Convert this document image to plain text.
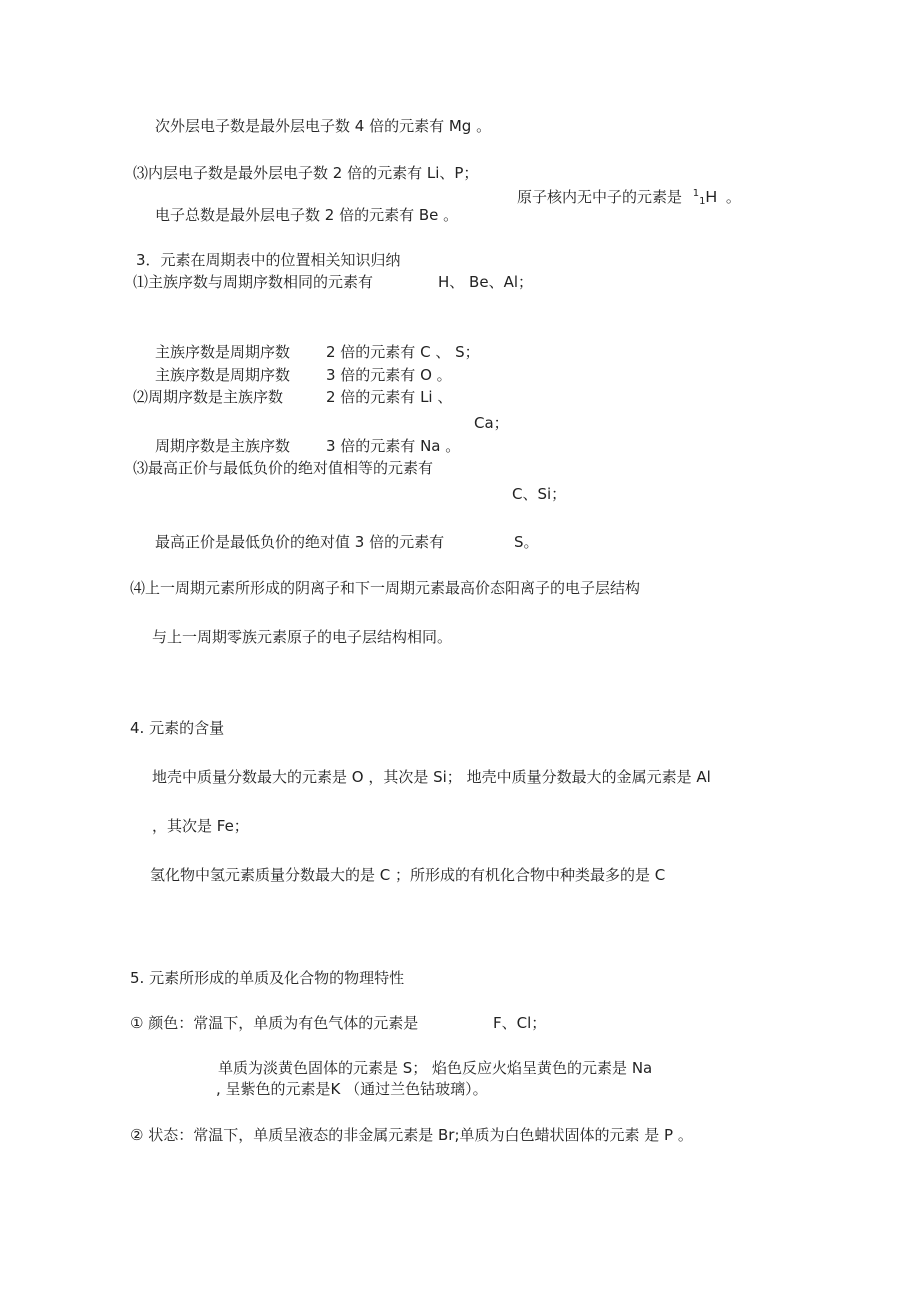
次外层电子数是最外层电子数 4 倍的元素有 Mg 。
⑶内层电子数是最外层电子数 2 倍的元素有 Li、P；
原子核内无中子的元素是 $^1_1$H 。
电子总数是最外层电子数 2 倍的元素有 Be 。
3．元素在周期表中的位置相关知识归纳
⑴主族序数与周期序数相同的元素有	H、 Be、Al；
主族序数是周期序数 2 倍的元素有 C 、 S；
主族序数是周期序数 3 倍的元素有 O 。
⑵周期序数是主族序数	2 倍的元素有 Li 、
Ca；
周期序数是主族序数 3 倍的元素有 Na 。
⑶最高正价与最低负价的绝对值相等的元素有
C、Si；
最高正价是最低负价的绝对值 3 倍的元素有	S。
⑷上一周期元素所形成的阴离子和下一周期元素最高价态阳离子的电子层结构
与上一周期零族元素原子的电子层结构相同。
4. 元素的含量
地壳中质量分数最大的元素是 O ，其次是 Si； 地壳中质量分数最大的金属元素是 Al
，其次是 Fe；
氢化物中氢元素质量分数最大的是 C ；所形成的有机化合物中种类最多的是 C
5. 元素所形成的单质及化合物的物理特性
① 颜色：常温下，单质为有色气体的元素是	F、Cl；
单质为淡黄色固体的元素是 S； 焰色反应火焰呈黄色的元素是 Na
, 呈紫色的元素是K （通过兰色钴玻璃）。
② 状态：常温下，单质呈液态的非金属元素是 Br;单质为白色蜡状固体的元素 是 P 。
